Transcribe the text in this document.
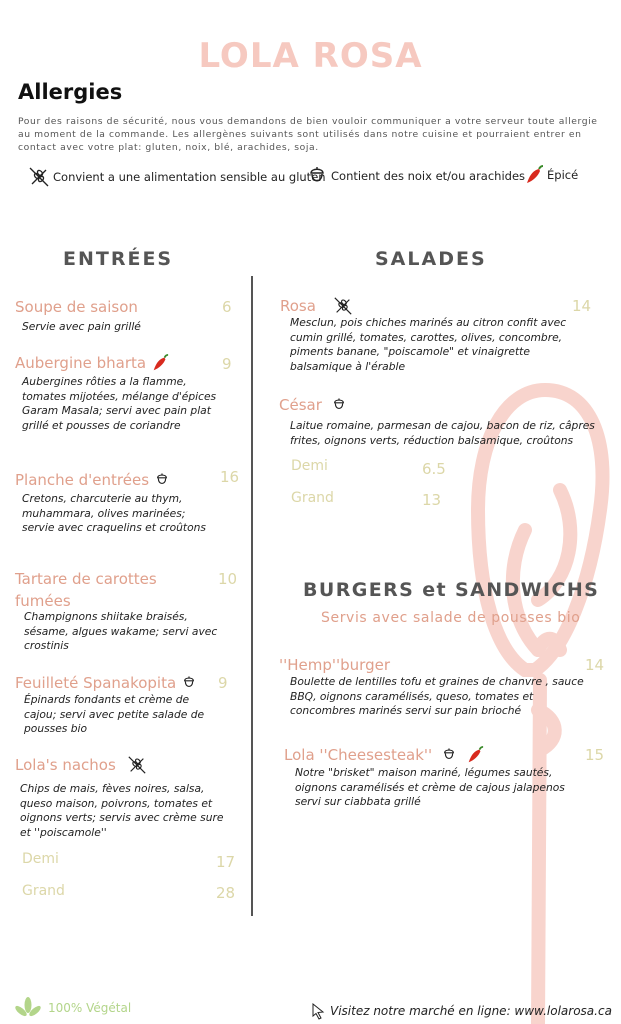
LOLA ROSA
Allergies
Pour des raisons de sécurité, nous vous demandons de bien vouloir communiquer a votre serveur toute allergie au moment de la commande. Les allergènes suivants sont utilisés dans notre cuisine et pourraient entrer en contact avec votre plat: gluten, noix, blé, arachides, soja.
Convient a une alimentation sensible au gluten Contient des noix et/ou arachides Épicé
ENTRÉES	SALADES
Soupe de saison	6
Servie avec pain grillé
Aubergine bharta	9
Aubergines rôties a la flamme, tomates mijotées, mélange d'épices Garam Masala; servi avec pain plat grillé et pousses de coriandre
Planche d'entrées	16
Cretons, charcuterie au thym, muhammara, olives marinées; servie avec craquelins et croûtons
Tartare de carottes fumées
10
Champignons shiitake braisés, sésame, algues wakame; servi avec crostinis
Feuilleté Spanakopita	9
Épinards fondants et crème de cajou; servi avec petite salade de pousses bio
Lola's nachos
Chips de mais, fèves noires, salsa, queso maison, poivrons, tomates et oignons verts; servis avec crème sure et ''poiscamole''
Demi	17
Grand	28
Rosa	14
Mesclun, pois chiches marinés au citron confit avec cumin grillé, tomates, carottes, olives, concombre, piments banane, "poiscamole" et vinaigrette balsamique à l'érable
César
Laitue romaine, parmesan de cajou, bacon de riz, câpres frites, oignons verts, réduction balsamique, croûtons
Demi	6.5
Grand	13
BURGERS et SANDWICHS
Servis avec salade de pousses bio
''Hemp''burger	14
Boulette de lentilles tofu et graines de chanvre , sauce BBQ, oignons caramélisés, queso, tomates et concombres marinés servi sur pain brioché
Lola ''Cheesesteak''	15
Notre "brisket" maison mariné, légumes sautés, oignons caramélisés et crème de cajous jalapenos servi sur ciabbata grillé
100% Végétal	Visitez notre marché en ligne: www.lolarosa.ca
